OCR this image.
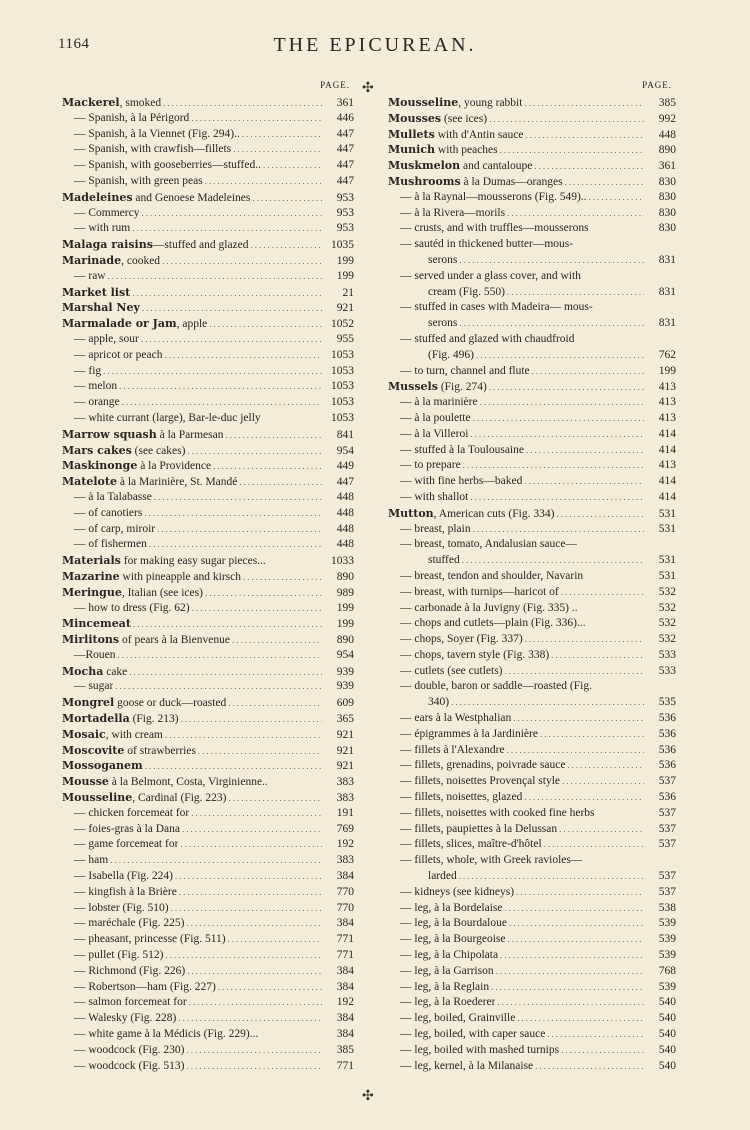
1164	THE EPICUREAN.
✣
✣
PAGE.
Mackerel, smoked .....	361
— Spanish, à la Périgord .....	446
— Spanish, à la Viennet (Fig. 294).. .....	447
— Spanish, with crawfish—fillets .....	447
— Spanish, with gooseberries—stuffed.. .....	447
— Spanish, with green peas .....	447
Madeleines and Genoese Madeleines .....	953
— Commercy .....	953
— with rum .....	953
Malaga raisins—stuffed and glazed .....	1035
Marinade, cooked .....	199
— raw .....	199
Market list .....	21
Marshal Ney .....	921
Marmalade or Jam, apple .....	1052
— apple, sour .....	955
— apricot or peach .....	1053
— fig .....	1053
— melon .....	1053
— orange .....	1053
— white currant (large), Bar-le-duc jelly	1053
Marrow squash à la Parmesan .....	841
Mars cakes (see cakes) .....	954
Maskinonge à la Providence .....	449
Matelote à la Marinière, St. Mandé .....	447
— à la Talabasse .....	448
— of canotiers .....	448
— of carp, miroir .....	448
— of fishermen .....	448
Materials for making easy sugar pieces...	1033
Mazarine with pineapple and kirsch .....	890
Meringue, Italian (see ices) .....	989
— how to dress (Fig. 62) .....	199
Mincemeat .....	199
Mirlitons of pears à la Bienvenue .....	890
—Rouen .....	954
Mocha cake .....	939
— sugar .....	939
Mongrel goose or duck—roasted .....	609
Mortadella (Fig. 213) .....	365
Mosaic, with cream .....	921
Moscovite of strawberries .....	921
Mossoganem .....	921
Mousse à la Belmont, Costa, Virginienne..	383
Mousseline, Cardinal (Fig. 223) .....	383
— chicken forcemeat for .....	191
— foies-gras à la Dana .....	769
— game forcemeat for .....	192
— ham .....	383
— Isabella (Fig. 224) .....	384
— kingfish à la Brière .....	770
— lobster (Fig. 510) .....	770
— maréchale (Fig. 225) .....	384
— pheasant, princesse (Fig. 511) .....	771
— pullet (Fig. 512) .....	771
— Richmond (Fig. 226) .....	384
— Robertson—ham (Fig. 227) .....	384
— salmon forcemeat for .....	192
— Walesky (Fig. 228) .....	384
— white game à la Médicis (Fig. 229)...	384
— woodcock (Fig. 230) .....	385
— woodcock (Fig. 513) .....	771
PAGE.
Mousseline, young rabbit .....	385
Mousses (see ices) .....	992
Mullets with d'Antin sauce .....	448
Munich with peaches .....	890
Muskmelon and cantaloupe .....	361
Mushrooms à la Dumas—oranges .....	830
— à la Raynal—mousserons (Fig. 549).. .....	830
— à la Rivera—morils .....	830
— crusts, and with truffles—mousserons	830
— sautéd in thickened butter—mous-
serons .....	831
— served under a glass cover, and with
cream (Fig. 550) .....	831
— stuffed in cases with Madeira— mous-
serons .....	831
— stuffed and glazed with chaudfroid
(Fig. 496) .....	762
— to turn, channel and flute .....	199
Mussels (Fig. 274) .....	413
— à la marinière .....	413
— à la poulette .....	413
— à la Villeroi .....	414
— stuffed à la Toulousaine .....	414
— to prepare .....	413
— with fine herbs—baked .....	414
— with shallot .....	414
Mutton, American cuts (Fig. 334) .....	531
— breast, plain .....	531
— breast, tomato, Andalusian sauce—
stuffed .....	531
— breast, tendon and shoulder, Navarin	531
— breast, with turnips—haricot of .....	532
— carbonade à la Juvigny (Fig. 335) ..	532
— chops and cutlets—plain (Fig. 336)...	532
— chops, Soyer (Fig. 337) .....	532
— chops, tavern style (Fig. 338) .....	533
— cutlets (see cutlets) .....	533
— double, baron or saddle—roasted (Fig.
340) .....	535
— ears à la Westphalian .....	536
— épigrammes à la Jardinière .....	536
— fillets à l'Alexandre .....	536
— fillets, grenadins, poivrade sauce .....	536
— fillets, noisettes Provençal style .....	537
— fillets, noisettes, glazed .....	536
— fillets, noisettes with cooked fine herbs	537
— fillets, paupiettes à la Delussan .....	537
— fillets, slices, maître-d'hôtel .....	537
— fillets, whole, with Greek ravioles—
larded .....	537
— kidneys (see kidneys) .....	537
— leg, à la Bordelaise .....	538
— leg, à la Bourdaloue .....	539
— leg, à la Bourgeoise .....	539
— leg, à la Chipolata .....	539
— leg, à la Garrison .....	768
— leg, à la Reglain .....	539
— leg, à la Roederer .....	540
— leg, boiled, Grainville .....	540
— leg, boiled, with caper sauce .....	540
— leg, boiled with mashed turnips .....	540
— leg, kernel, à la Milanaise .....	540
